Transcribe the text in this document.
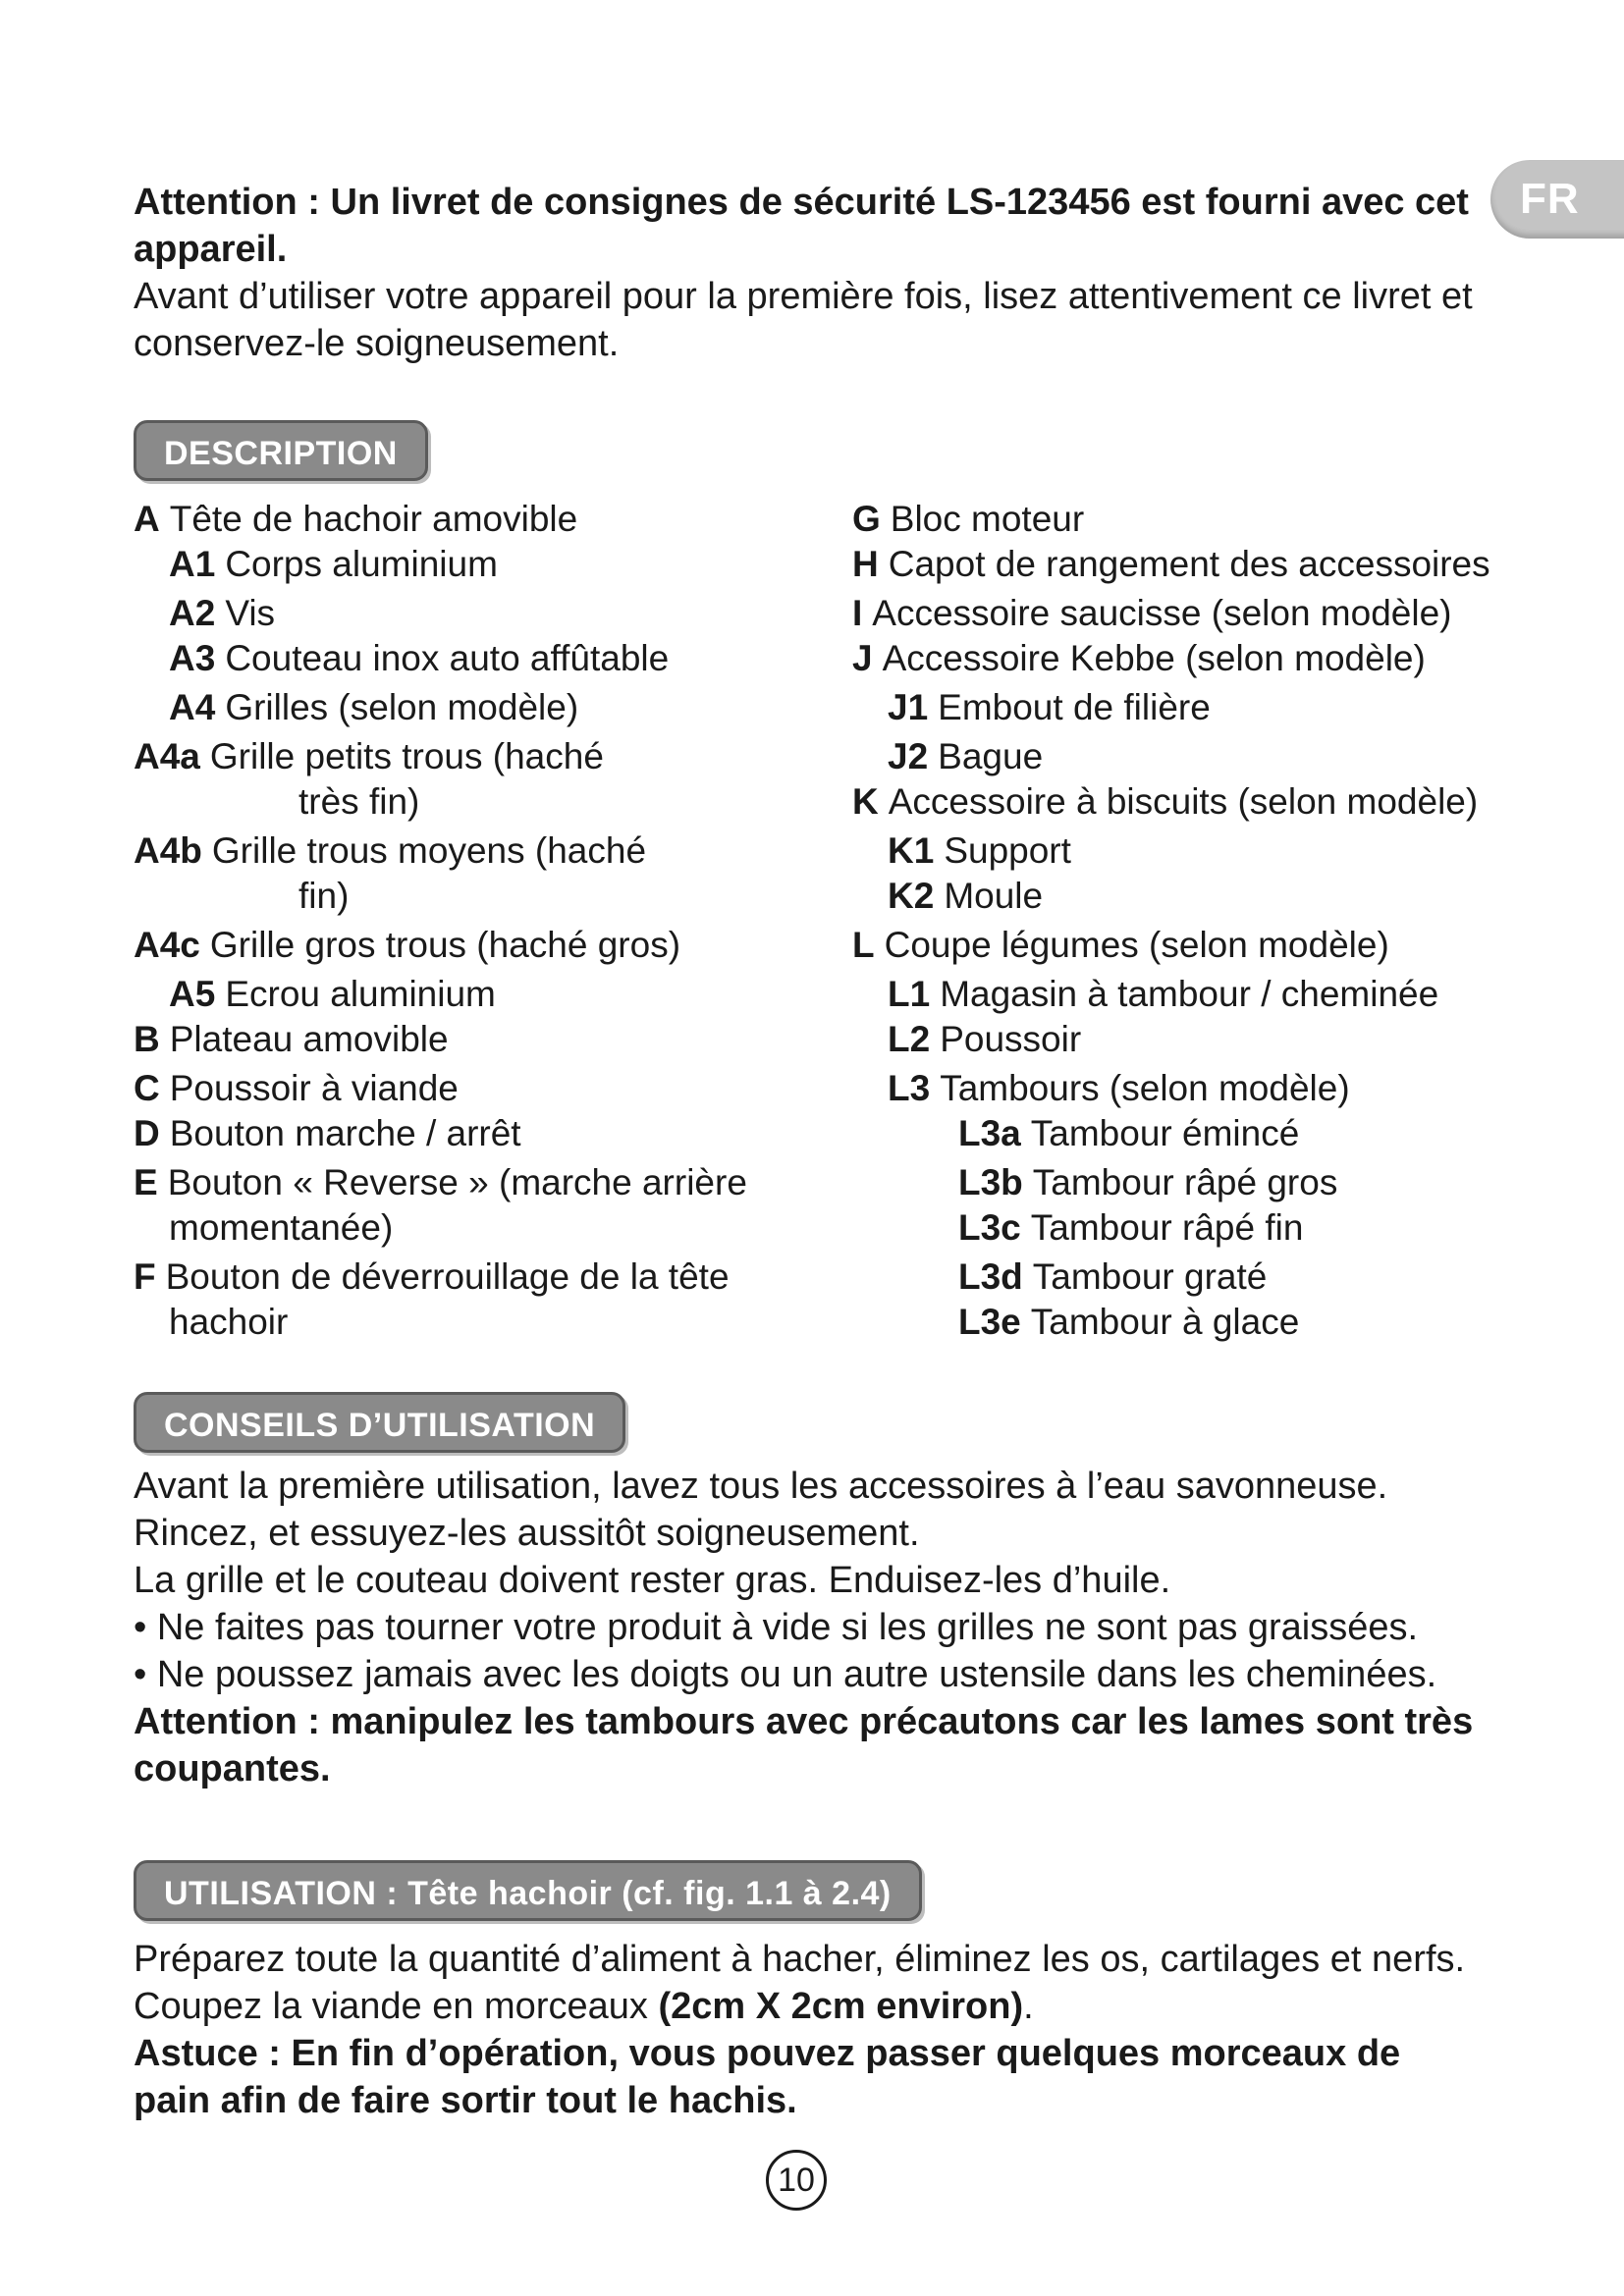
FR
Attention : Un livret de consignes de sécurité LS-123456 est fourni avec cet appareil.
Avant d’utiliser votre appareil pour la première fois, lisez attentivement ce livret et conservez-le soigneusement.
DESCRIPTION
A Tête de hachoir amovible
A1 Corps aluminium
A2 Vis
A3 Couteau inox auto affûtable
A4 Grilles (selon modèle)
A4a Grille petits trous (haché
très fin)
A4b Grille trous moyens (haché
fin)
A4c Grille gros trous (haché gros)
A5 Ecrou aluminium
B Plateau amovible
C Poussoir à viande
D Bouton marche / arrêt
E Bouton « Reverse » (marche arrière
momentanée)
F Bouton de déverrouillage de la tête
hachoir
G Bloc moteur
H Capot de rangement des accessoires
I Accessoire saucisse (selon modèle)
J Accessoire Kebbe (selon modèle)
J1 Embout de filière
J2 Bague
K Accessoire à biscuits (selon modèle)
K1 Support
K2 Moule
L Coupe légumes (selon modèle)
L1 Magasin à tambour / cheminée
L2 Poussoir
L3 Tambours (selon modèle)
L3a Tambour émincé
L3b Tambour râpé gros
L3c Tambour râpé fin
L3d Tambour graté
L3e Tambour à glace
CONSEILS D’UTILISATION
Avant la première utilisation, lavez tous les accessoires à l’eau savonneuse. Rincez, et essuyez-les aussitôt soigneusement.
La grille et le couteau doivent rester gras. Enduisez-les d’huile.
• Ne faites pas tourner votre produit à vide si les grilles ne sont pas graissées.
• Ne poussez jamais avec les doigts ou un autre ustensile dans les cheminées.
Attention : manipulez les tambours avec précautons car les lames sont très coupantes.
UTILISATION : Tête hachoir (cf. fig. 1.1 à 2.4)
Préparez toute la quantité d’aliment à hacher, éliminez les os, cartilages et nerfs.
Coupez la viande en morceaux (2cm X 2cm environ).
Astuce : En fin d’opération, vous pouvez passer quelques morceaux de pain afin de faire sortir tout le hachis.
10
